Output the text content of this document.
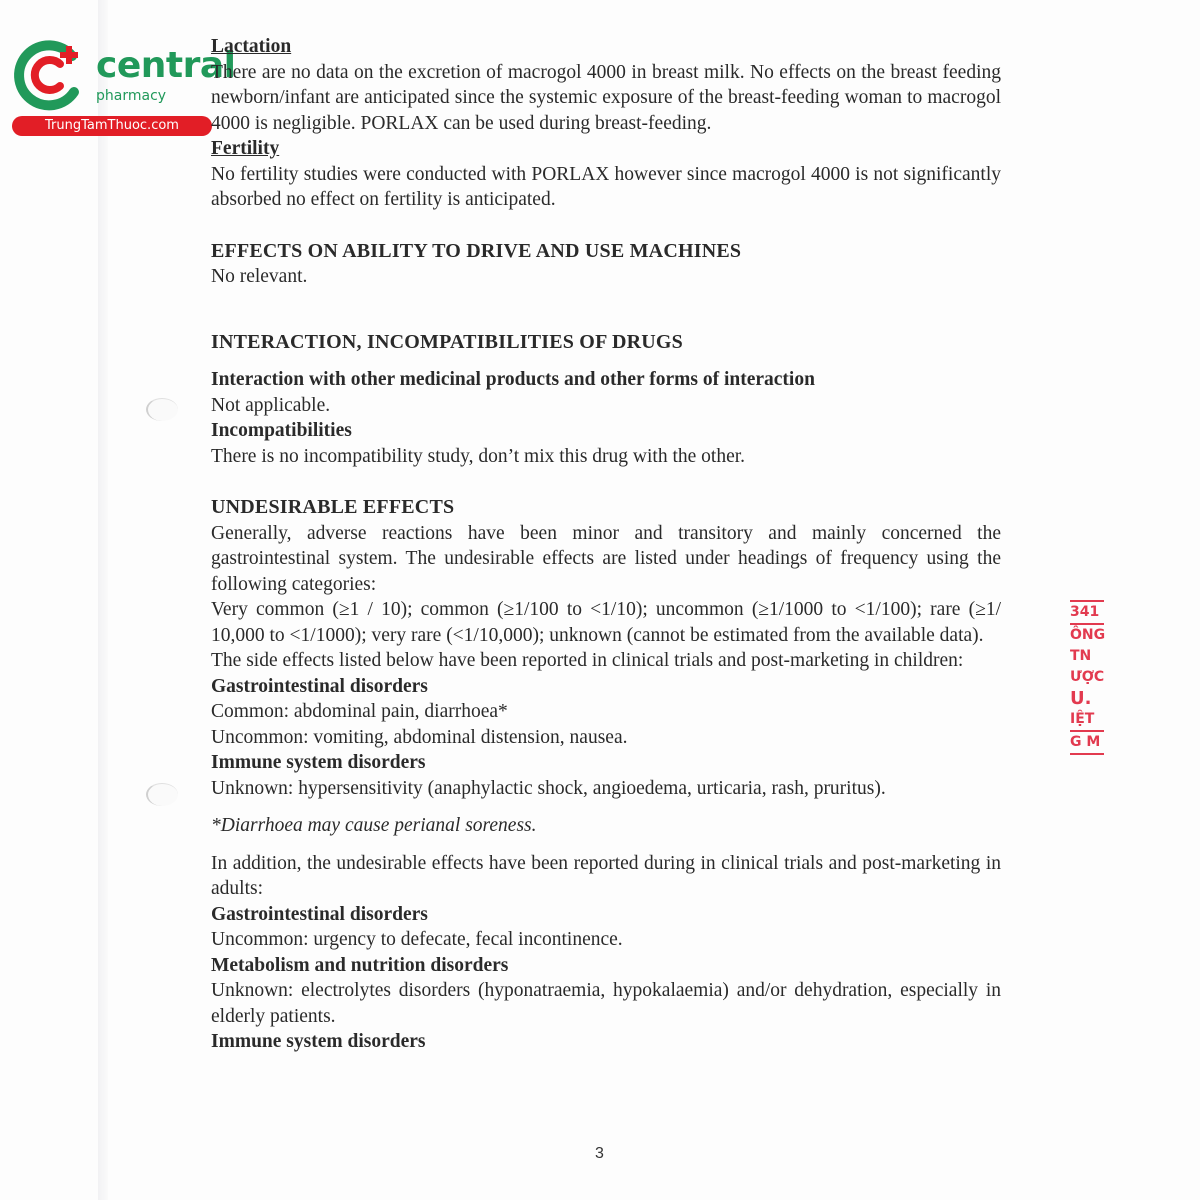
central
pharmacy
TrungTamThuoc.com

Lactation

There are no data on the excretion of macrogol 4000 in breast milk. No effects on the breast feeding newborn/infant are anticipated since the systemic exposure of the breast-feeding woman to macrogol 4000 is negligible. PORLAX can be used during breast-feeding.

Fertility

No fertility studies were conducted with PORLAX however since macrogol 4000 is not significantly absorbed no effect on fertility is anticipated.

EFFECTS ON ABILITY TO DRIVE AND USE MACHINES

No relevant.

INTERACTION, INCOMPATIBILITIES OF DRUGS

Interaction with other medicinal products and other forms of interaction

Not applicable.

Incompatibilities

There is no incompatibility study, don’t mix this drug with the other.

UNDESIRABLE EFFECTS

Generally, adverse reactions have been minor and transitory and mainly concerned the gastrointestinal system. The undesirable effects are listed under headings of frequency using the following categories:

Very common (≥1 / 10); common (≥1/100 to <1/10); uncommon (≥1/1000 to <1/100); rare (≥1/ 10,000 to <1/1000); very rare (<1/10,000); unknown (cannot be estimated from the available data).

The side effects listed below have been reported in clinical trials and post-marketing in children:

Gastrointestinal disorders

Common: abdominal pain, diarrhoea*

Uncommon: vomiting, abdominal distension, nausea.

Immune system disorders

Unknown: hypersensitivity (anaphylactic shock, angioedema, urticaria, rash, pruritus).

*Diarrhoea may cause perianal soreness.

In addition, the undesirable effects have been reported during in clinical trials and post-marketing in adults:

Gastrointestinal disorders

Uncommon: urgency to defecate, fecal incontinence.

Metabolism and nutrition disorders

Unknown: electrolytes disorders (hyponatraemia, hypokalaemia) and/or dehydration, especially in elderly patients.

Immune system disorders

341
ÔNG
TN
ƯỢC
U.
IỆT
G M
3
